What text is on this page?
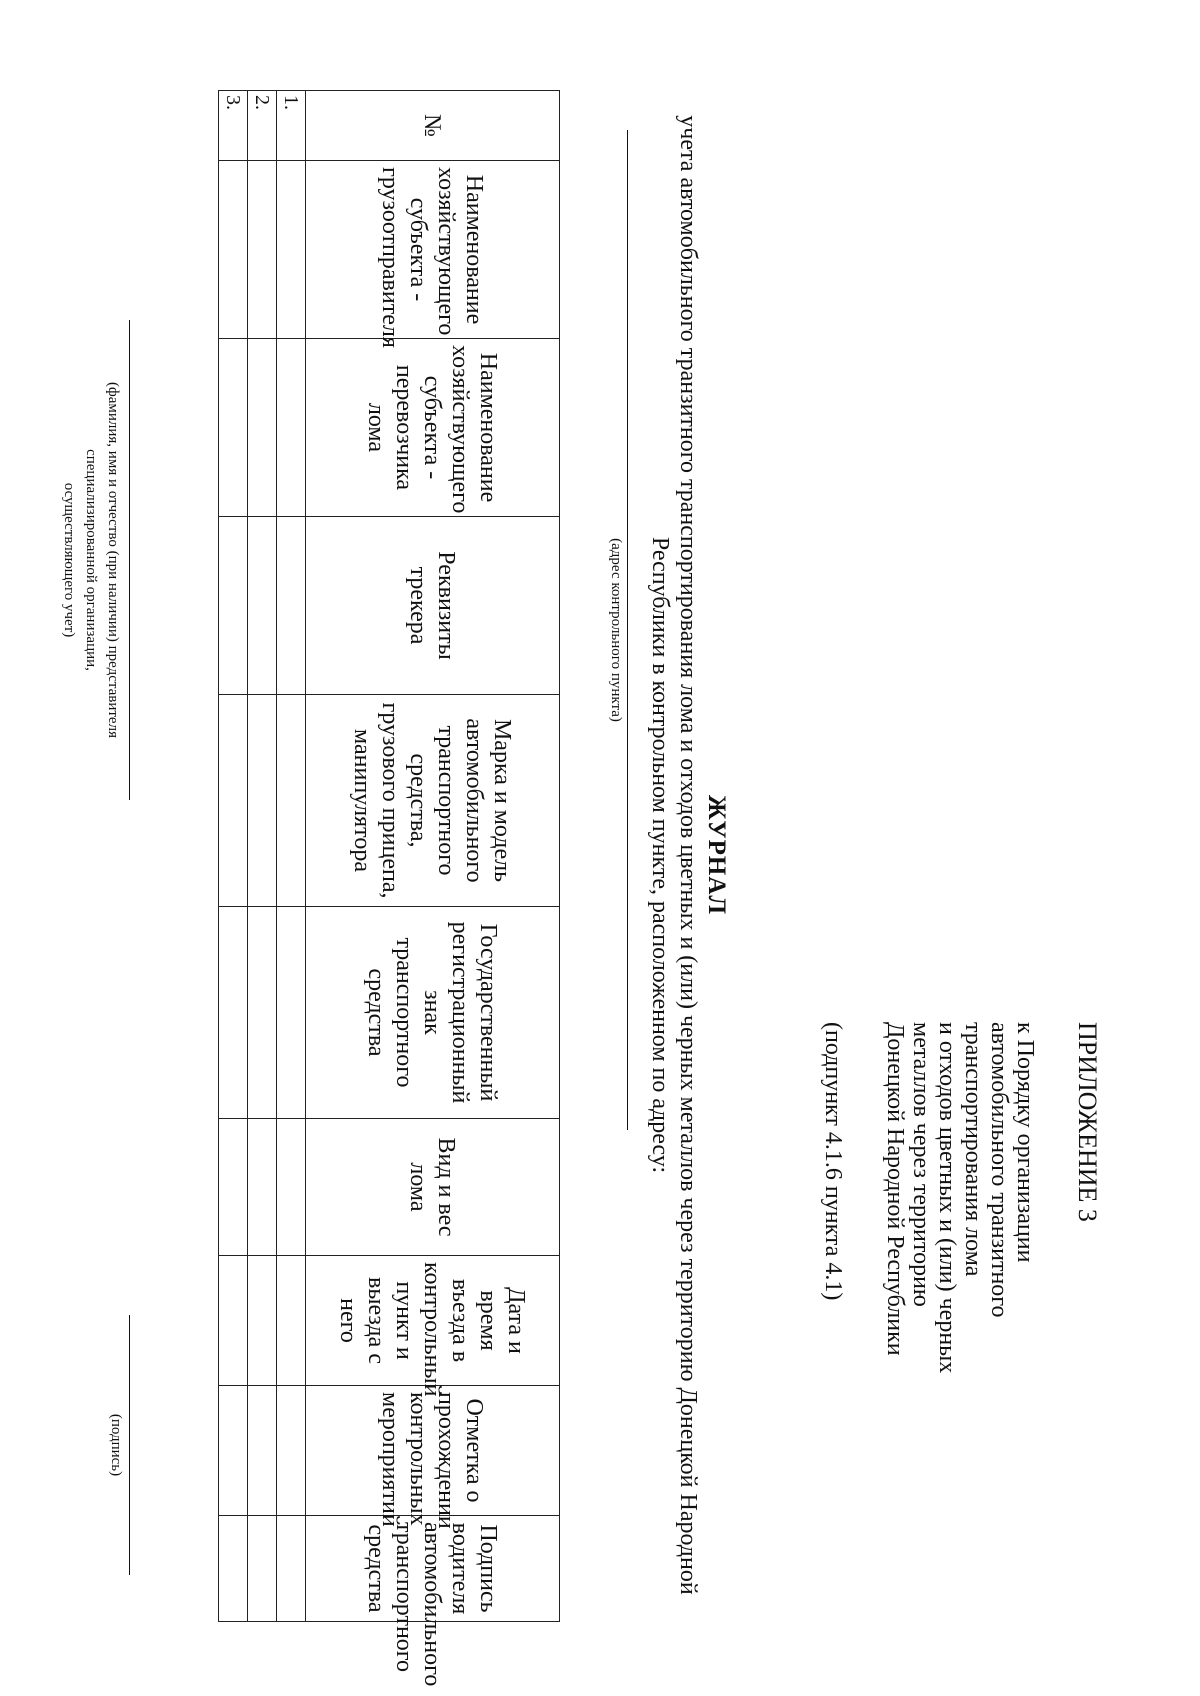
ПРИЛОЖЕНИЕ 3
к Порядку организации
автомобильного транзитного
транспортирования лома
и отходов цветных и (или) черных
металлов через территорию
Донецкой Народной Республики
(подпункт 4.1.6 пункта 4.1)
ЖУРНАЛ
учета автомобильного транзитного транспортирования лома и отходов цветных и (или) черных металлов через территорию Донецкой Народной
Республики в контрольном пункте, расположенном по адресу:
(адрес контрольного пункта)
№	Наименование хозяйствующего субъекта - грузоотправителя	Наименование хозяйствующего субъекта - перевозчика лома	Реквизиты трекера	Марка и модель автомобильного транспортного средства, грузового прицепа, манипулятора	Государственный регистрационный знак транспортного средства	Вид и вес лома	Дата и время въезда в контрольный пункт и выезда с него	Отметка о прохождении контрольных мероприятий	Подпись водителя автомобильного транспортного средства
1.									
2.									
3.									
(фамилия, имя и отчество (при наличии) представителя
специализированной организации,
осуществляющего учет)
(подпись)
